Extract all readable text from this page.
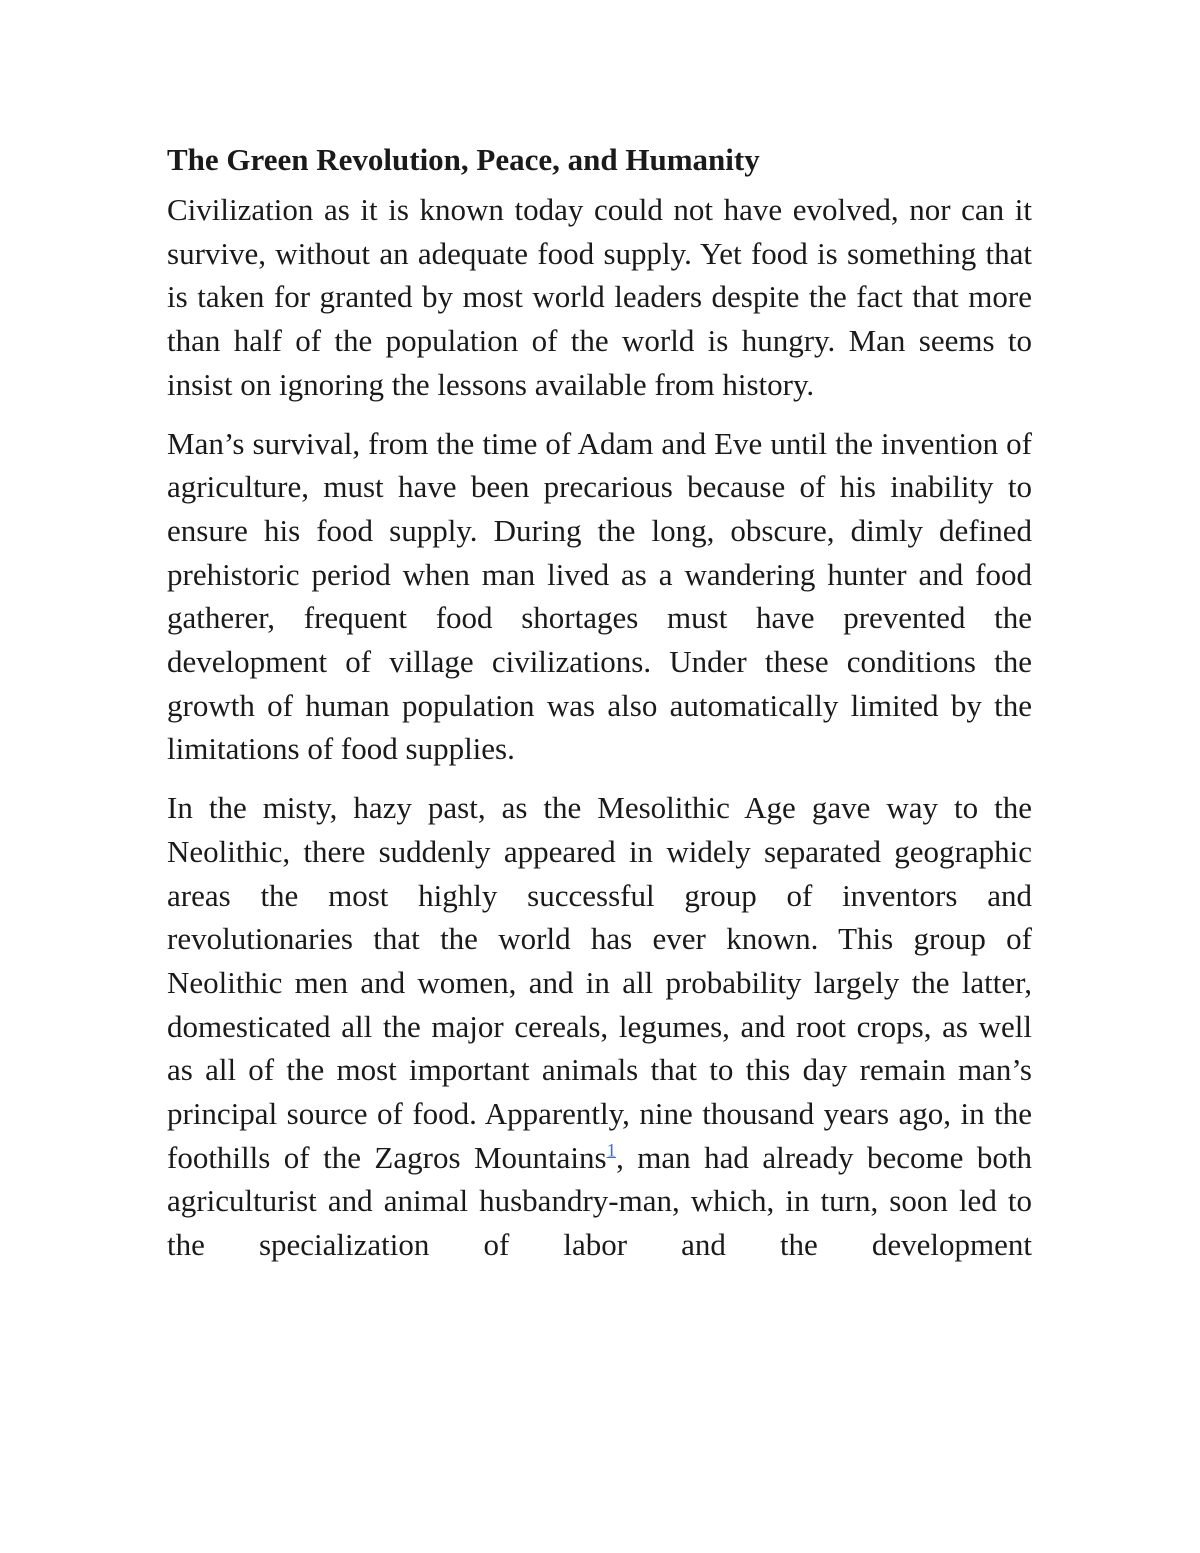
The Green Revolution, Peace, and Humanity

Civilization as it is known today could not have evolved, nor can it survive, without an adequate food supply. Yet food is something that is taken for granted by most world leaders despite the fact that more than half of the population of the world is hungry. Man seems to insist on ignoring the lessons available from history.

Man’s survival, from the time of Adam and Eve until the invention of agriculture, must have been precarious because of his inability to ensure his food supply. During the long, obscure, dimly defined prehistoric period when man lived as a wandering hunter and food gatherer, frequent food shortages must have prevented the development of village civilizations. Under these conditions the growth of human population was also automatically limited by the limitations of food supplies.

In the misty, hazy past, as the Mesolithic Age gave way to the Neolithic, there suddenly appeared in widely separated geographic areas the most highly successful group of inventors and revolutionaries that the world has ever known. This group of Neolithic men and women, and in all probability largely the latter, domesticated all the major cereals, legumes, and root crops, as well as all of the most important animals that to this day remain man’s principal source of food. Apparently, nine thousand years ago, in the foothills of the Zagros Mountains$^1$, man had already become both agriculturist and animal husbandry-man, which, in turn, soon led to the specialization of labor and the development
